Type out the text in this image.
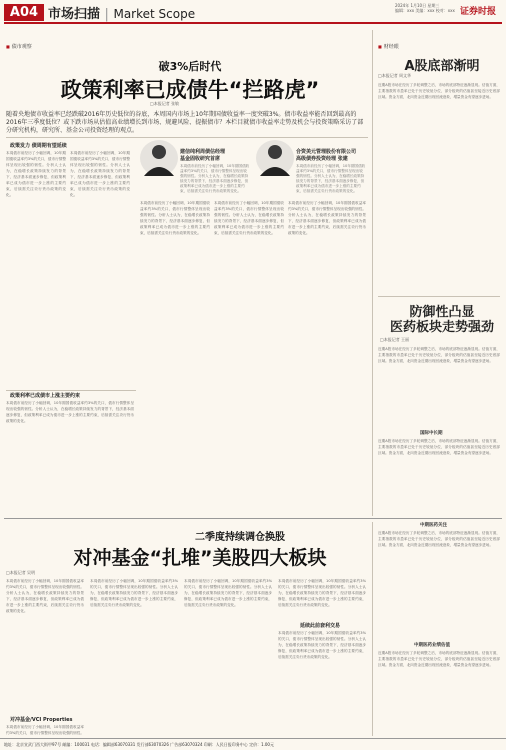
A04 市场扫描 | Market Scope
2024年 1月10日 星期三
编辑：xxx 美编：xxx 校对：xxx 证券时报
■ 债市观察
破3%后时代
政策利率已成债牛“拦路虎”
□本报记者 张敏
随着央地债市收益率已经跌破2016年历史低位的谷底，本周国内市场上10年期国债收益率一度突破3%。债市收益率能否回到最高的2016年三季度低位？或下跌市场从估值高业绩增长到市场、规避风险、提振债市？本栏目就债市收益率走势及机会与投资策略采访了部分研究机构，研究所、基金公司投资经理的观点。
政策发力 债周期有望延续
本周债市前经历了小幅回调，10年期国债收益率约3%的关口，债市行情整体呈现出较强的韧性。分析人士认为，在稳增长政策持续发力的背景下，经济基本面逐步修复，但政策利率已成为债市进一步上涨的主要约束，后续需关注央行货币政策的变化。
本周债市前经历了小幅回调，10年期国债收益率约3%的关口，债市行情整体呈现出较强的韧性。分析人士认为，在稳增长政策持续发力的背景下，经济基本面逐步修复，但政策利率已成为债市进一步上涨的主要约束，后续需关注央行货币政策的变化。
建信纯利周债估经理
基金固收研究首席
本周债市前经历了小幅回调，10年期国债收益率约3%的关口，债市行情整体呈现出较强的韧性。分析人士认为，在稳增长政策持续发力的背景下，经济基本面逐步修复，但政策利率已成为债市进一步上涨的主要约束，后续需关注央行货币政策的变化。
合资美元管理股份有限公司
高级债券投资经理 张建
本周债市前经历了小幅回调，10年期国债收益率约3%的关口，债市行情整体呈现出较强的韧性。分析人士认为，在稳增长政策持续发力的背景下，经济基本面逐步修复，但政策利率已成为债市进一步上涨的主要约束，后续需关注央行货币政策的变化。
本周债市前经历了小幅回调，10年期国债收益率约3%的关口，债市行情整体呈现出较强的韧性。分析人士认为，在稳增长政策持续发力的背景下，经济基本面逐步修复，但政策利率已成为债市进一步上涨的主要约束，后续需关注央行货币政策的变化。
本周债市前经历了小幅回调，10年期国债收益率约3%的关口，债市行情整体呈现出较强的韧性。分析人士认为，在稳增长政策持续发力的背景下，经济基本面逐步修复，但政策利率已成为债市进一步上涨的主要约束，后续需关注央行货币政策的变化。
本周债市前经历了小幅回调，10年期国债收益率约3%的关口，债市行情整体呈现出较强的韧性。分析人士认为，在稳增长政策持续发力的背景下，经济基本面逐步修复，但政策利率已成为债市进一步上涨的主要约束，后续需关注央行货币政策的变化。
政策利率已成债市上涨主要约束
本周债市前经历了小幅回调，10年期国债收益率约3%的关口，债市行情整体呈现出较强的韧性。分析人士认为，在稳增长政策持续发力的背景下，经济基本面逐步修复，但政策利率已成为债市进一步上涨的主要约束，后续需关注央行货币政策的变化。
■ 财经眼
A股底部渐明
□本报记者 周文华
近期A股市场在经历了多轮调整之后，市场的底部特征逐渐显现。估值方面，主要指数的市盈率已处于历史较低分位，部分板块的估值甚至接近历史底部区域。资金方面，北向资金近期出现回流迹象，增量资金有望逐步进场。
防御性凸显
医药板块走势强劲
□本报记者 王丽
近期A股市场在经历了多轮调整之后，市场的底部特征逐渐显现。估值方面，主要指数的市盈率已处于历史较低分位，部分板块的估值甚至接近历史底部区域。资金方面，北向资金近期出现回流迹象，增量资金有望逐步进场。
国际中长期
近期A股市场在经历了多轮调整之后，市场的底部特征逐渐显现。估值方面，主要指数的市盈率已处于历史较低分位，部分板块的估值甚至接近历史底部区域。资金方面，北向资金近期出现回流迹象，增量资金有望逐步进场。
二季度持续调仓换股
对冲基金“扎堆”美股四大板块
□本报记者 吴明
本周债市前经历了小幅回调，10年期国债收益率约3%的关口，债市行情整体呈现出较强的韧性。分析人士认为，在稳增长政策持续发力的背景下，经济基本面逐步修复，但政策利率已成为债市进一步上涨的主要约束，后续需关注央行货币政策的变化。
对冲基金/VCI Properties
本周债市前经历了小幅回调，10年期国债收益率约3%的关口，债市行情整体呈现出较强的韧性。
本周债市前经历了小幅回调，10年期国债收益率约3%的关口，债市行情整体呈现出较强的韧性。分析人士认为，在稳增长政策持续发力的背景下，经济基本面逐步修复，但政策利率已成为债市进一步上涨的主要约束，后续需关注央行货币政策的变化。
本周债市前经历了小幅回调，10年期国债收益率约3%的关口，债市行情整体呈现出较强的韧性。分析人士认为，在稳增长政策持续发力的背景下，经济基本面逐步修复，但政策利率已成为债市进一步上涨的主要约束，后续需关注央行货币政策的变化。
本周债市前经历了小幅回调，10年期国债收益率约3%的关口，债市行情整体呈现出较强的韧性。分析人士认为，在稳增长政策持续发力的背景下，经济基本面逐步修复，但政策利率已成为债市进一步上涨的主要约束，后续需关注央行货币政策的变化。
延续此前套利交易
本周债市前经历了小幅回调，10年期国债收益率约3%的关口，债市行情整体呈现出较强的韧性。分析人士认为，在稳增长政策持续发力的背景下，经济基本面逐步修复，但政策利率已成为债市进一步上涨的主要约束，后续需关注央行货币政策的变化。
中期医药关注
近期A股市场在经历了多轮调整之后，市场的底部特征逐渐显现。估值方面，主要指数的市盈率已处于历史较低分位，部分板块的估值甚至接近历史底部区域。资金方面，北向资金近期出现回流迹象，增量资金有望逐步进场。
中期医药业绩估值
近期A股市场在经历了多轮调整之后，市场的底部特征逐渐显现。估值方面，主要指数的市盈率已处于历史较低分位，部分板块的估值甚至接近历史底部区域。资金方面，北向资金近期出现回流迹象，增量资金有望逐步进场。
地址：北京宣武门西大街甲97号 邮编：100031 电话：编辑部63070331 发行部63070326 广告部63070324 印刷：人民日报印务中心 定价：1.00元
